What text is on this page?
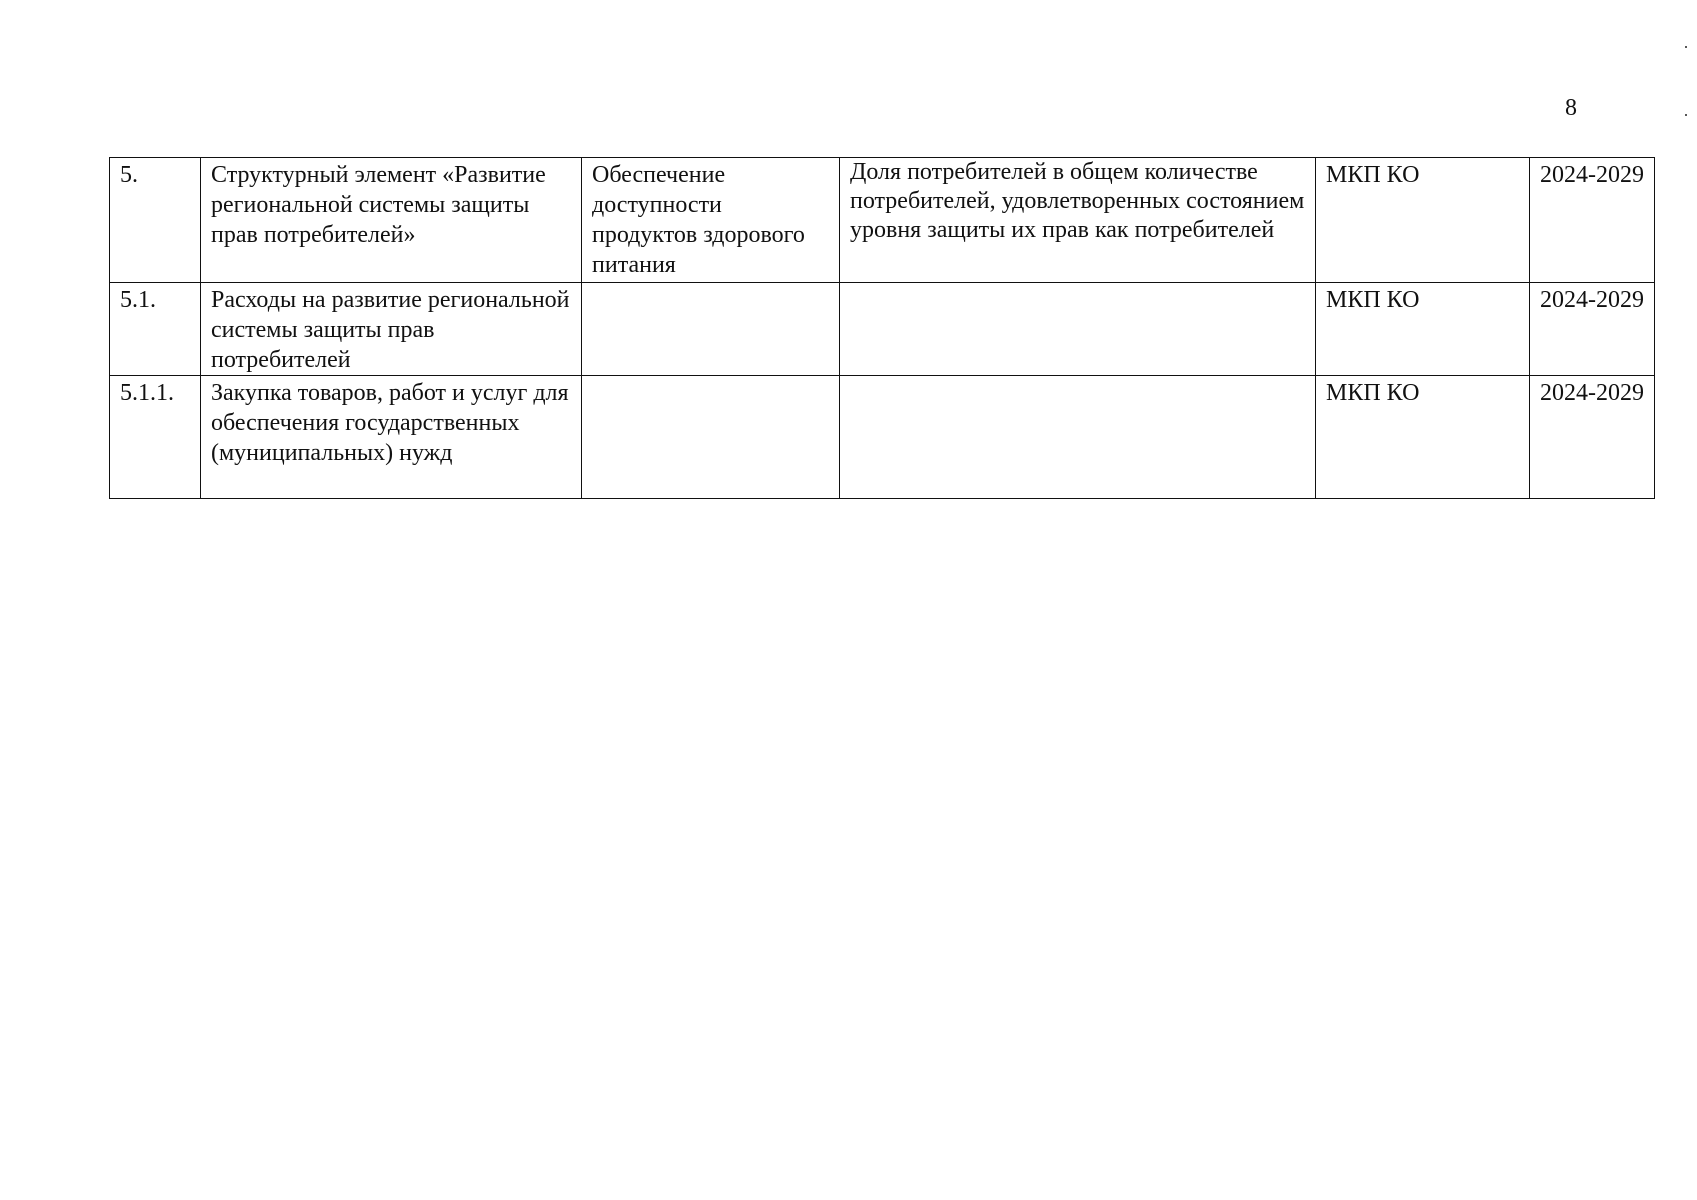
8
5.	Структурный элемент «Развитие региональной системы защиты прав потребителей»	Обеспечение доступности продуктов здорового питания	Доля потребителей в общем количестве потребителей, удовлетворенных состоянием уровня защиты их прав как потребителей	МКП КО	2024-2029
5.1.	Расходы на развитие региональной системы защиты прав потребителей			МКП КО	2024-2029
5.1.1.	Закупка товаров, работ и услуг для обеспечения государственных (муниципальных) нужд			МКП КО	2024-2029
